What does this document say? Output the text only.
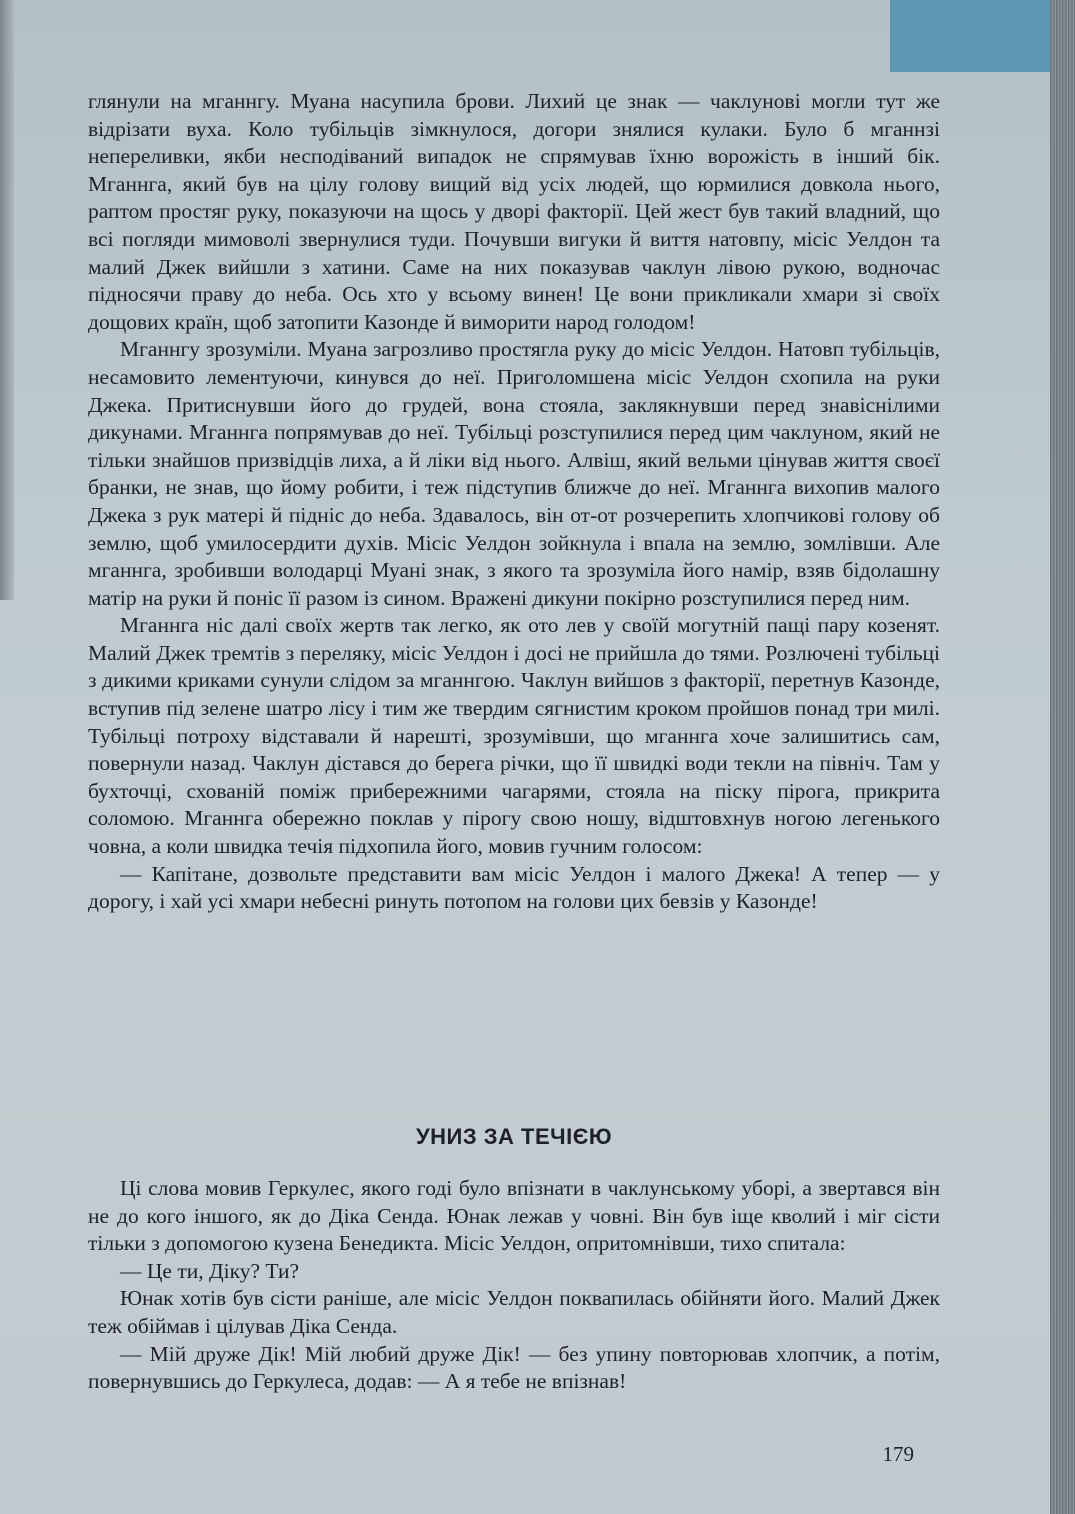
глянули на мганнгу. Муана насупила брови. Лихий це знак — чаклунові могли тут же відрізати вуха. Коло тубільців зімкнулося, догори знялися кулаки. Було б мганнзі непереливки, якби несподіваний випадок не спрямував їхню ворожість в інший бік. Мганнга, який був на цілу голову вищий від усіх людей, що юрмилися довкола нього, раптом простяг руку, показуючи на щось у дворі факторії. Цей жест був такий владний, що всі погляди мимоволі звернулися туди. Почувши вигуки й виття натовпу, місіс Уелдон та малий Джек вийшли з хатини. Саме на них показував чаклун лівою рукою, водночас підносячи праву до неба. Ось хто у всьому винен! Це вони прикликали хмари зі своїх дощових країн, щоб затопити Казонде й виморити народ голодом!

Мганнгу зрозуміли. Муана загрозливо простягла руку до місіс Уелдон. Натовп тубільців, несамовито лементуючи, кинувся до неї. Приголомшена місіс Уелдон схопила на руки Джека. Притиснувши його до грудей, вона стояла, заклякнувши перед знавіснілими дикунами. Мганнга попрямував до неї. Тубільці розступилися перед цим чаклуном, який не тільки знайшов призвідців лиха, а й ліки від нього. Алвіш, який вельми цінував життя своєї бранки, не знав, що йому робити, і теж підступив ближче до неї. Мганнга вихопив малого Джека з рук матері й підніс до неба. Здавалось, він от-от розчерепить хлопчикові голову об землю, щоб умилосердити духів. Місіс Уелдон зойкнула і впала на землю, зомлівши. Але мганнга, зробивши володарці Муані знак, з якого та зрозуміла його намір, взяв бідолашну матір на руки й поніс її разом із сином. Вражені дикуни покірно розступилися перед ним.

Мганнга ніс далі своїх жертв так легко, як ото лев у своїй могутній пащі пару козенят. Малий Джек тремтів з переляку, місіс Уелдон і досі не прийшла до тями. Розлючені тубільці з дикими криками сунули слідом за мганнгою. Чаклун вийшов з факторії, перетнув Казонде, вступив під зелене шатро лісу і тим же твердим сягнистим кроком пройшов понад три милі. Тубільці потроху відставали й нарешті, зрозумівши, що мганнга хоче залишитись сам, повернули назад. Чаклун дістався до берега річки, що її швидкі води текли на північ. Там у бухточці, схованій поміж прибережними чагарями, стояла на піску пірога, прикрита соломою. Мганнга обережно поклав у пірогу свою ношу, відштовхнув ногою легенького човна, а коли швидка течія підхопила його, мовив гучним голосом:

— Капітане, дозвольте представити вам місіс Уелдон і малого Джека! А тепер — у дорогу, і хай усі хмари небесні ринуть потопом на голови цих бевзів у Казонде!

УНИЗ ЗА ТЕЧІЄЮ

Ці слова мовив Геркулес, якого годі було впізнати в чаклунському уборі, а звертався він не до кого іншого, як до Діка Сенда. Юнак лежав у човні. Він був іще кволий і міг сісти тільки з допомогою кузена Бенедикта. Місіс Уелдон, опритомнівши, тихо спитала:

— Це ти, Діку? Ти?

Юнак хотів був сісти раніше, але місіс Уелдон поквапилась обійняти його. Малий Джек теж обіймав і цілував Діка Сенда.

— Мій друже Дік! Мій любий друже Дік! — без упину повторював хлопчик, а потім, повернувшись до Геркулеса, додав: — А я тебе не впізнав!

179
